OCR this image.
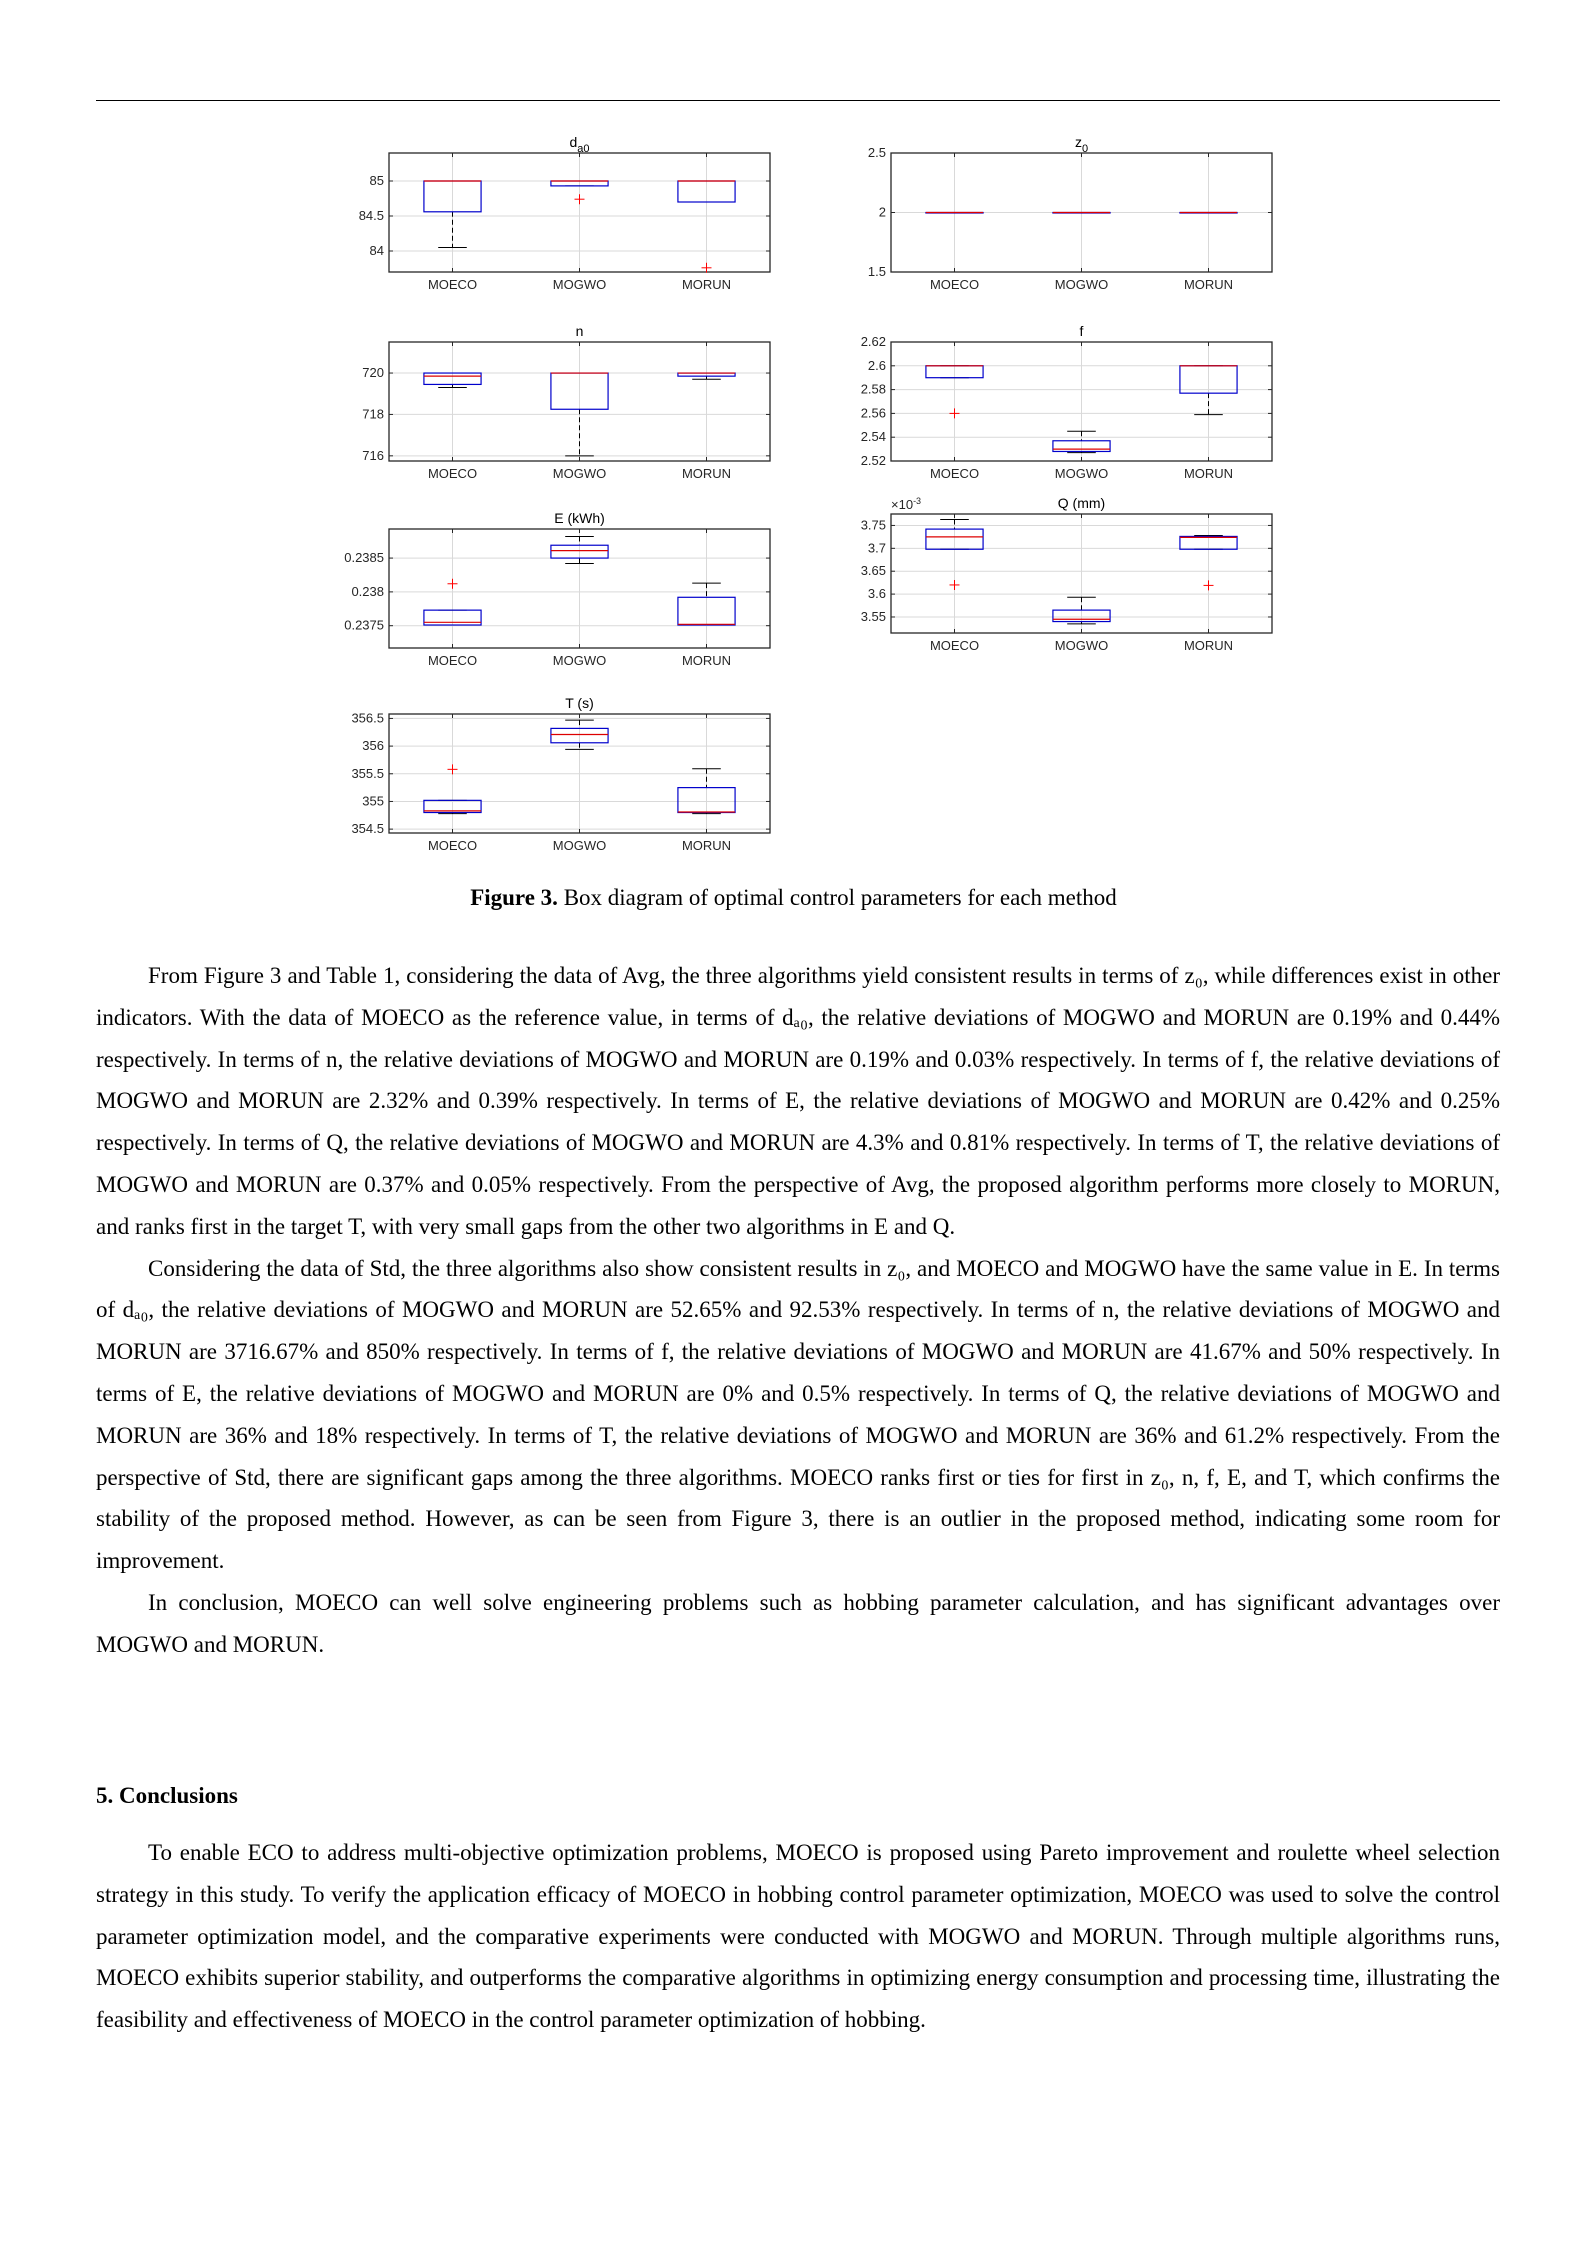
84
84.5
85
MOECO	MOGWO	MORUN
$d_{a0}$
1.5
2
2.5
MOECO	MOGWO	MORUN
$z_0$
716
718
720
MOECO	MOGWO	MORUN
n
2.52
2.54
2.56
2.58
2.6
2.62
MOECO	MOGWO	MORUN
f
0.2375
0.238
0.2385
MOECO	MOGWO	MORUN
E (kWh)
3.55
3.6
3.65
3.7
3.75
MOECO	MOGWO	MORUN
Q (mm)
$\times 10^{-3}$
354.5
355
355.5
356
356.5
MOECO	MOGWO	MORUN
T (s)
Figure 3. Box diagram of optimal control parameters for each method

From Figure 3 and Table 1, considering the data of Avg, the three algorithms yield consistent results in terms of z₀, while differences exist in other indicators. With the data of MOECO as the reference value, in terms of dₐ₀, the relative deviations of MOGWO and MORUN are 0.19% and 0.44% respectively. In terms of n, the relative deviations of MOGWO and MORUN are 0.19% and 0.03% respectively. In terms of f, the relative deviations of MOGWO and MORUN are 2.32% and 0.39% respectively. In terms of E, the relative deviations of MOGWO and MORUN are 0.42% and 0.25% respectively. In terms of Q, the relative deviations of MOGWO and MORUN are 4.3% and 0.81% respectively. In terms of T, the relative deviations of MOGWO and MORUN are 0.37% and 0.05% respectively. From the perspective of Avg, the proposed algorithm performs more closely to MORUN, and ranks first in the target T, with very small gaps from the other two algorithms in E and Q.

Considering the data of Std, the three algorithms also show consistent results in z₀, and MOECO and MOGWO have the same value in E. In terms of dₐ₀, the relative deviations of MOGWO and MORUN are 52.65% and 92.53% respectively. In terms of n, the relative deviations of MOGWO and MORUN are 3716.67% and 850% respectively. In terms of f, the relative deviations of MOGWO and MORUN are 41.67% and 50% respectively. In terms of E, the relative deviations of MOGWO and MORUN are 0% and 0.5% respectively. In terms of Q, the relative deviations of MOGWO and MORUN are 36% and 18% respectively. In terms of T, the relative deviations of MOGWO and MORUN are 36% and 61.2% respectively. From the perspective of Std, there are significant gaps among the three algorithms. MOECO ranks first or ties for first in z₀, n, f, E, and T, which confirms the stability of the proposed method. However, as can be seen from Figure 3, there is an outlier in the proposed method, indicating some room for improvement.

In conclusion, MOECO can well solve engineering problems such as hobbing parameter calculation, and has significant advantages over MOGWO and MORUN.

5. Conclusions

To enable ECO to address multi-objective optimization problems, MOECO is proposed using Pareto improvement and roulette wheel selection strategy in this study. To verify the application efficacy of MOECO in hobbing control parameter optimization, MOECO was used to solve the control parameter optimization model, and the comparative experiments were conducted with MOGWO and MORUN. Through multiple algorithms runs, MOECO exhibits superior stability, and outperforms the comparative algorithms in optimizing energy consumption and processing time, illustrating the feasibility and effectiveness of MOECO in the control parameter optimization of hobbing.
